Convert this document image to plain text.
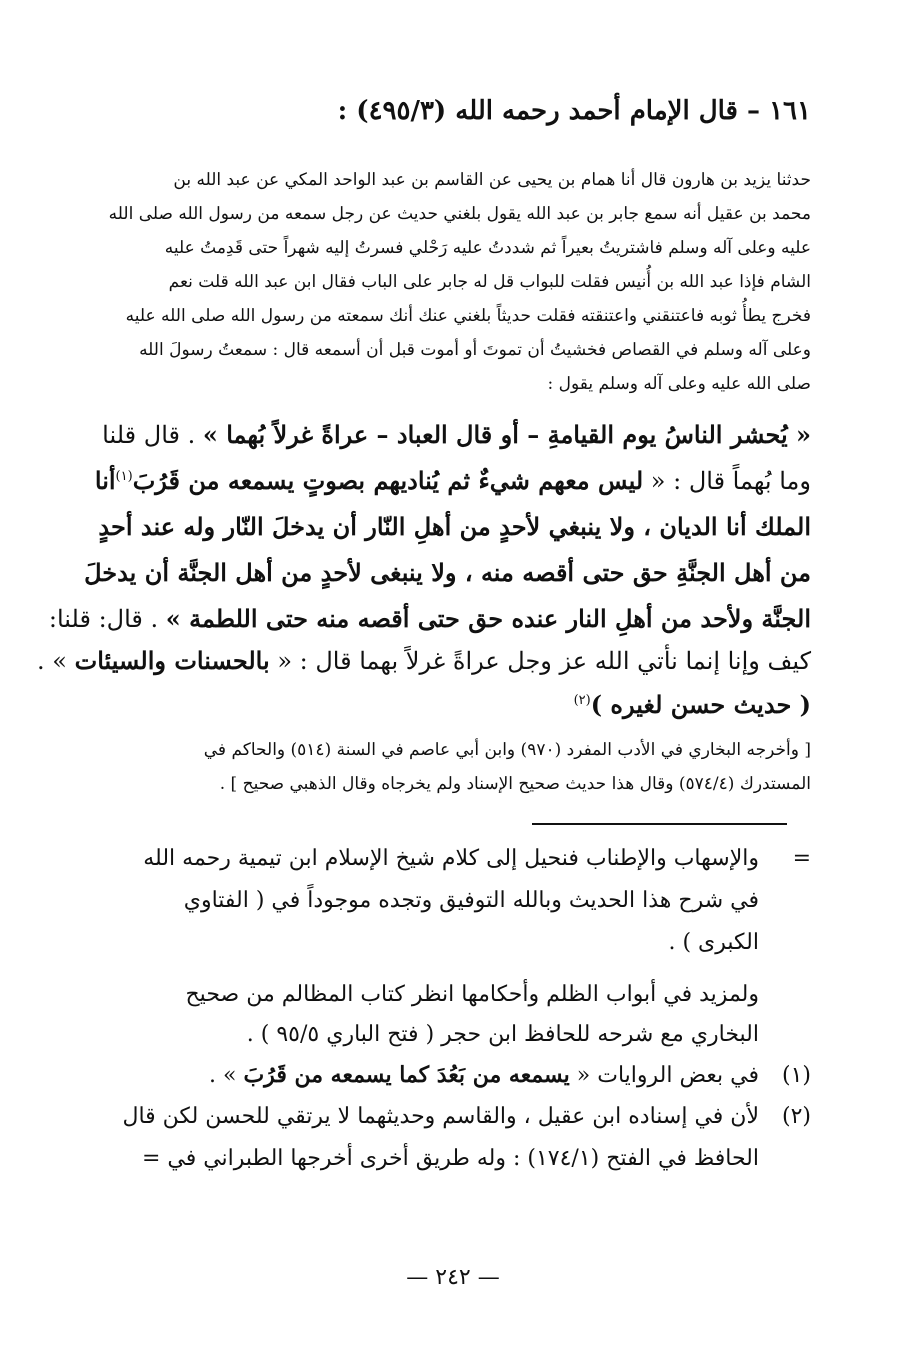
١٦١ – قال الإمام أحمد رحمه الله (٤٩٥/٣) :
حدثنا يزيد بن هارون قال أنا همام بن يحيى عن القاسم بن عبد الواحد المكي عن عبد الله بن
محمد بن عقيل أنه سمع جابر بن عبد الله يقول بلغني حديث عن رجل سمعه من رسول الله صلى الله
عليه وعلى آله وسلم فاشتريتُ بعيراً ثم شددتُ عليه رَحْلي فسرتُ إليه شهراً حتى قَدِمتُ عليه
الشام فإذا عبد الله بن أُنيس فقلت للبواب قل له جابر على الباب فقال ابن عبد الله قلت نعم
فخرج يطأُ ثوبه فاعتنقني واعتنقته فقلت حديثاً بلغني عنك أنك سمعته من رسول الله صلى الله عليه
وعلى آله وسلم في القصاص فخشيتُ أن تموتَ أو أموت قبل أن أسمعه قال : سمعتُ رسولَ الله
صلى الله عليه وعلى آله وسلم يقول :
« يُحشر الناسُ يوم القيامةِ – أو قال العباد – عراةً غرلاً بُهما » . قال قلنا
وما بُهماً قال : « ليس معهم شيءٌ ثم يُناديهم بصوتٍ يسمعه من قَرُبَ$^{(١)}$أنا
الملك أنا الديان ، ولا ينبغي لأحدٍ من أهلِ النّار أن يدخلَ النّار وله عند أحدٍ
من أهل الجنَّةِ حق حتى أقصه منه ، ولا ينبغى لأحدٍ من أهل الجنَّة أن يدخلَ
الجنَّة ولأحد من أهلِ النار عنده حق حتى أقصه منه حتى اللطمة » . قال: قلنا:
كيف وإنا إنما نأتي الله عز وجل عراةً غرلاً بهما قال : « بالحسنات والسيئات » .
( حديث حسن لغيره )$^{(٢)}$
[ وأخرجه البخاري في الأدب المفرد (٩٧٠) وابن أبي عاصم في السنة (٥١٤) والحاكم في
المستدرك (٥٧٤/٤) وقال هذا حديث صحيح الإسناد ولم يخرجاه وقال الذهبي صحيح ] .
=والإسهاب والإطناب فنحيل إلى كلام شيخ الإسلام ابن تيمية رحمه الله
في شرح هذا الحديث وبالله التوفيق وتجده موجوداً في ( الفتاوي
الكبرى ) .
ولمزيد في أبواب الظلم وأحكامها انظر كتاب المظالم من صحيح
البخاري مع شرحه للحافظ ابن حجر ( فتح الباري ٩٥/٥ ) .
(١)في بعض الروايات « يسمعه من بَعُدَ كما يسمعه من قَرُبَ » .
(٢)لأن في إسناده ابن عقيل ، والقاسم وحديثهما لا يرتقي للحسن لكن قال
الحافظ في الفتح (١٧٤/١) : وله طريق أخرى أخرجها الطبراني في =
— ٢٤٢ —
